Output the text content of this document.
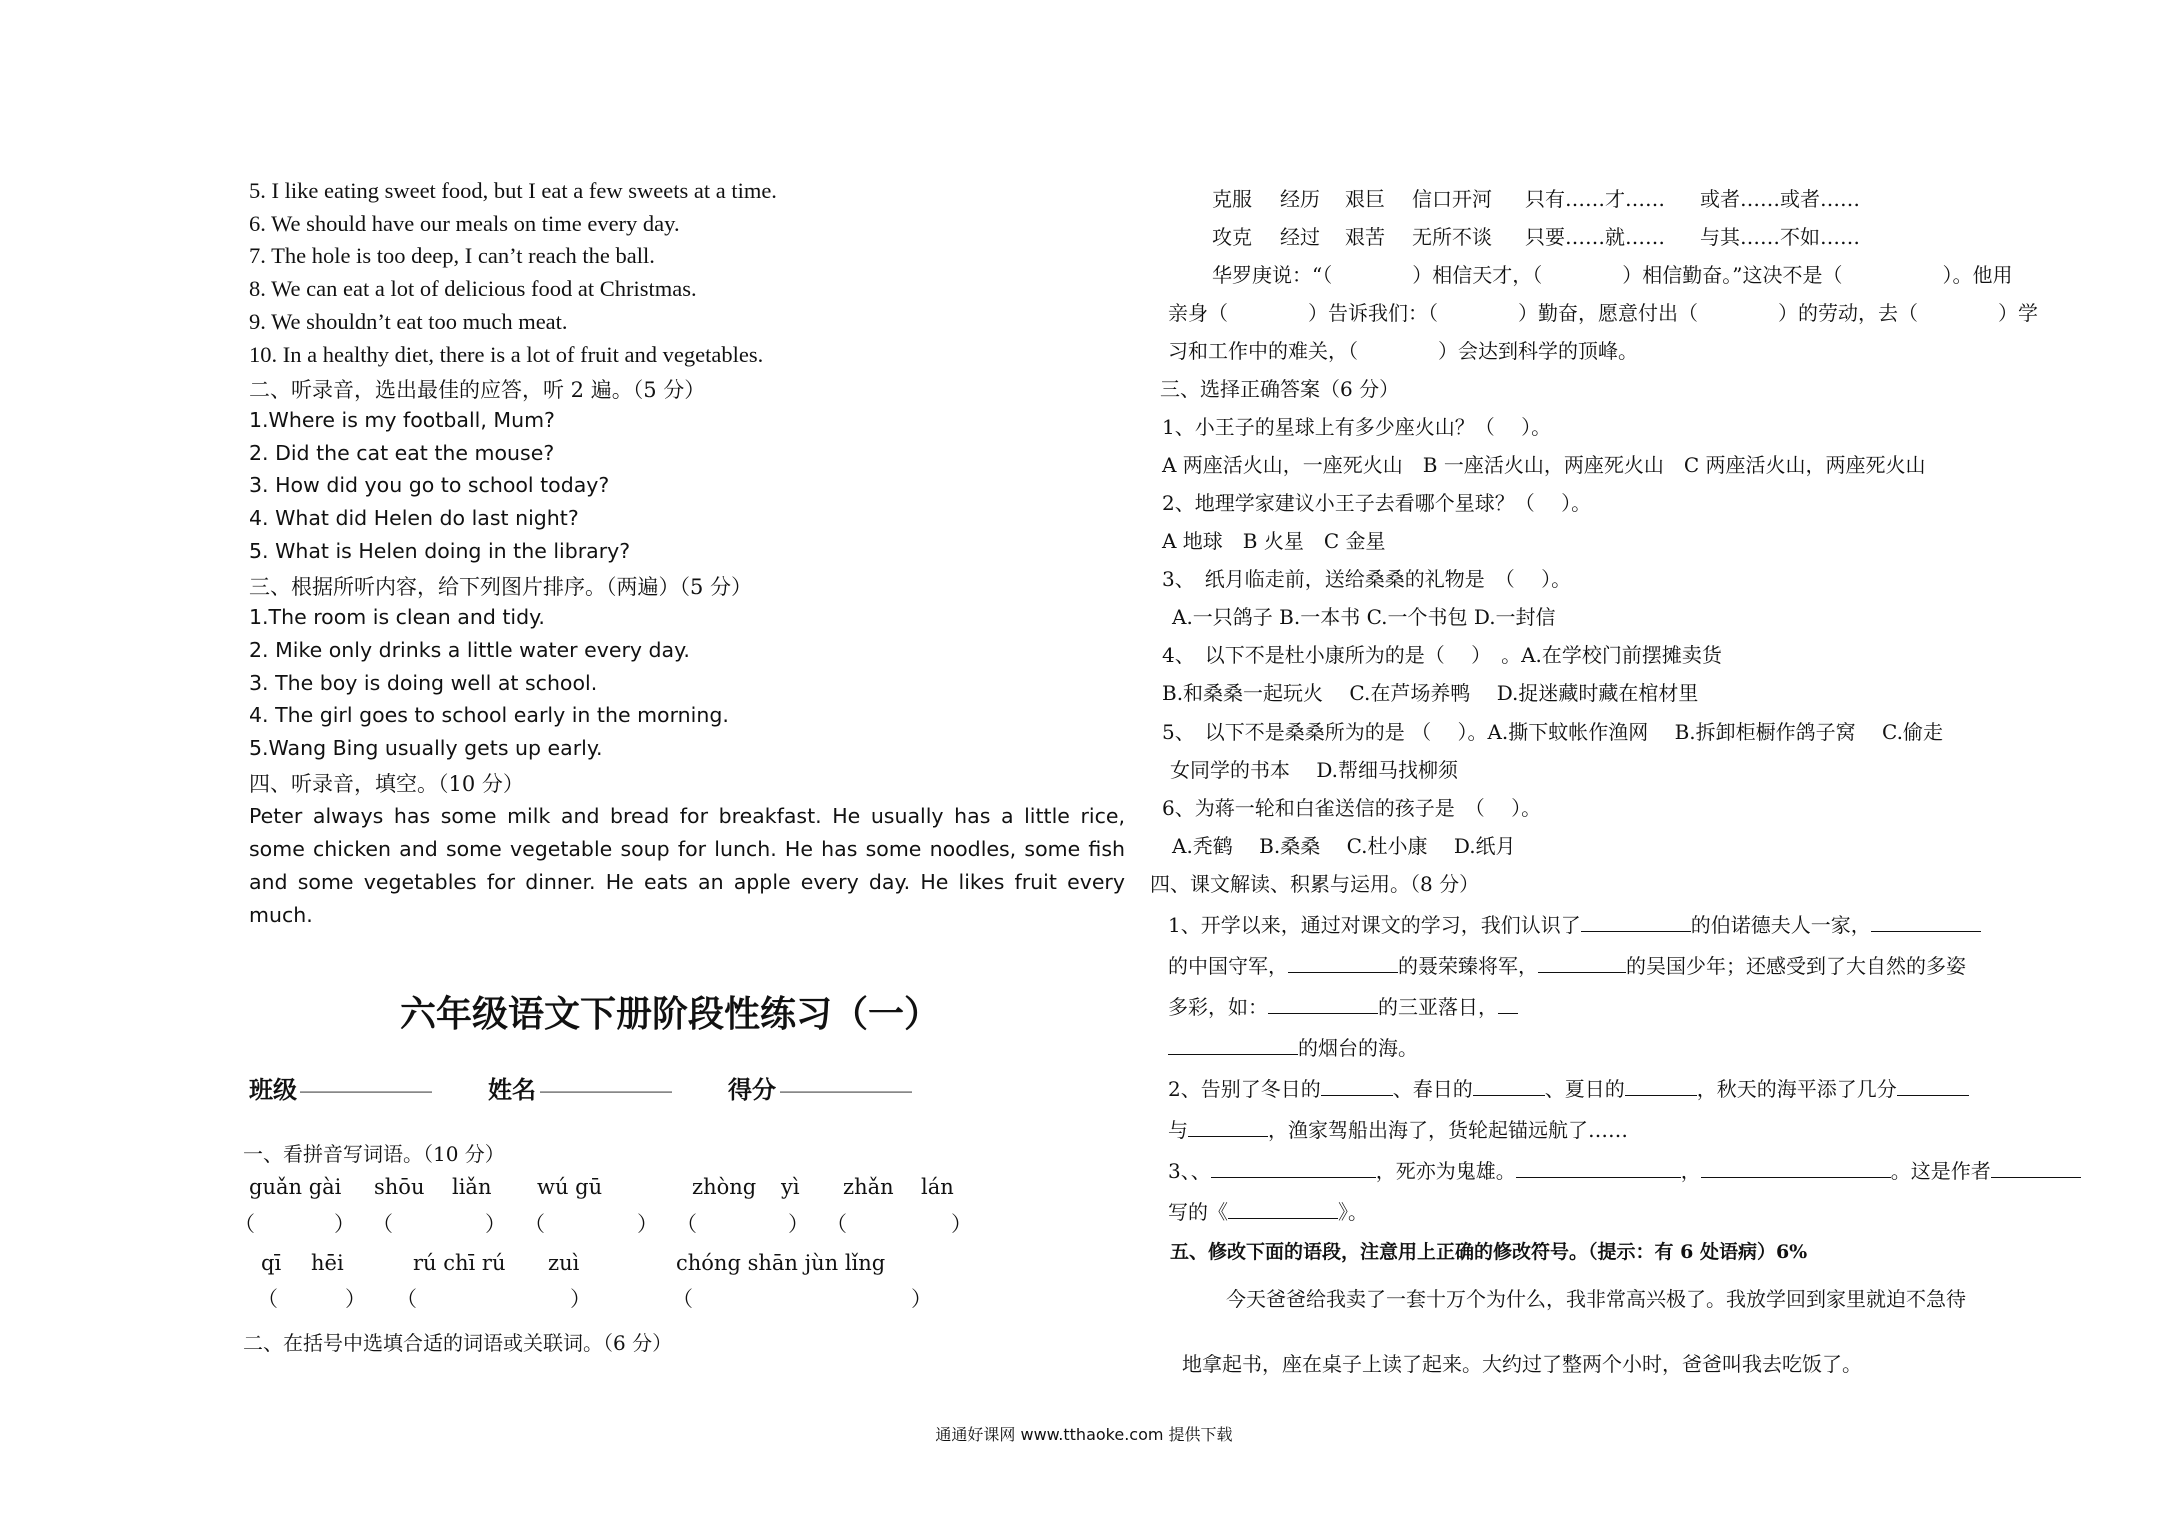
5. I like eating sweet food, but I eat a few sweets at a time.
6. We should have our meals on time every day.
7. The hole is too deep, I can’t reach the ball.
8. We can eat a lot of delicious food at Christmas.
9. We shouldn’t eat too much meat.
10. In a healthy diet, there is a lot of fruit and vegetables.
二、听录音，选出最佳的应答，听 2 遍。（5 分）
1.Where is my football, Mum?
2. Did the cat eat the mouse?
3. How did you go to school today?
4. What did Helen do last night?
5. What is Helen doing in the library?
三、根据所听内容，给下列图片排序。（两遍）（5 分）
1.The room is clean and tidy.
2. Mike only drinks a little water every day.
3. The boy is doing well at school.
4. The girl goes to school early in the morning.
5.Wang Bing usually gets up early.
四、听录音，填空。（10 分）
Peter always has some milk and bread for breakfast. He usually has a little rice, some chicken and some vegetable soup for lunch. He has some noodles, some fish and some vegetables for dinner. He eats an apple every day. He likes fruit every much.
六年级语文下册阶段性练习（一）
班级 ____________ 姓名 ____________ 得分 ____________
一、看拼音写词语。（10 分）
guǎn gài shōu liǎn wú gū	zhòng yì zhǎn lán
（	） （	） （	） （	） （	）
qī hēi	rú chī rú zuì	chóng shān jùn lǐng
（	） （	）	（	）
二、在括号中选填合适的词语或关联词。（6 分）
克服 经历 艰巨 信口开河 只有……才…… 或者……或者……
攻克 经过 艰苦 无所不谈 只要……就…… 与其……不如……
华罗庚说：“（　　　　）相信天才，（　　　　）相信勤奋。”这决不是（　　　　　）。他用
亲身（　　　　）告诉我们：（　　　　）勤奋，愿意付出（　　　　）的劳动，去（　　　　）学
习和工作中的难关，（　　　　）会达到科学的顶峰。
三、选择正确答案（6 分）
1、小王子的星球上有多少座火山？（　 ）。
A 两座活火山，一座死火山　B 一座活火山，两座死火山　C 两座活火山，两座死火山
2、地理学家建议小王子去看哪个星球？（　 ）。
A 地球　B 火星　C 金星
3、　纸月临走前，送给桑桑的礼物是　（　 ）。
A.一只鸽子 B.一本书 C.一个书包 D.一封信
4、　以下不是杜小康所为的是（　 ）　。A.在学校门前摆摊卖货
B.和桑桑一起玩火　 C.在芦场养鸭　 D.捉迷藏时藏在棺材里
5、　以下不是桑桑所为的是 （　 ）。A.撕下蚊帐作渔网　 B.拆卸柜橱作鸽子窝　 C.偷走
女同学的书本　 D.帮细马找柳须
6、为蒋一轮和白雀送信的孩子是　（　 ）。
A.秃鹤　 B.桑桑　 C.杜小康　 D.纸月
四、课文解读、积累与运用。（8 分）
1、开学以来，通过对课文的学习，我们认识了	的伯诺德夫人一家，
的中国守军，	的聂荣臻将军，	的吴国少年；还感受到了大自然的多姿
多彩，如：	的三亚落日，
的烟台的海。
2、告别了冬日的	、春日的	、夏日的	，秋天的海平添了几分
与	，渔家驾船出海了，货轮起锚远航了……
3、、	，死亦为鬼雄。	，	。这是作者
写的《	》。
五、修改下面的语段，注意用上正确的修改符号。（提示：有 6 处语病）6%
今天爸爸给我卖了一套十万个为什么，我非常高兴极了。我放学回到家里就迫不急待
地拿起书，座在桌子上读了起来。大约过了整两个小时，爸爸叫我去吃饭了。
通通好课网 www.tthaoke.com 提供下载
